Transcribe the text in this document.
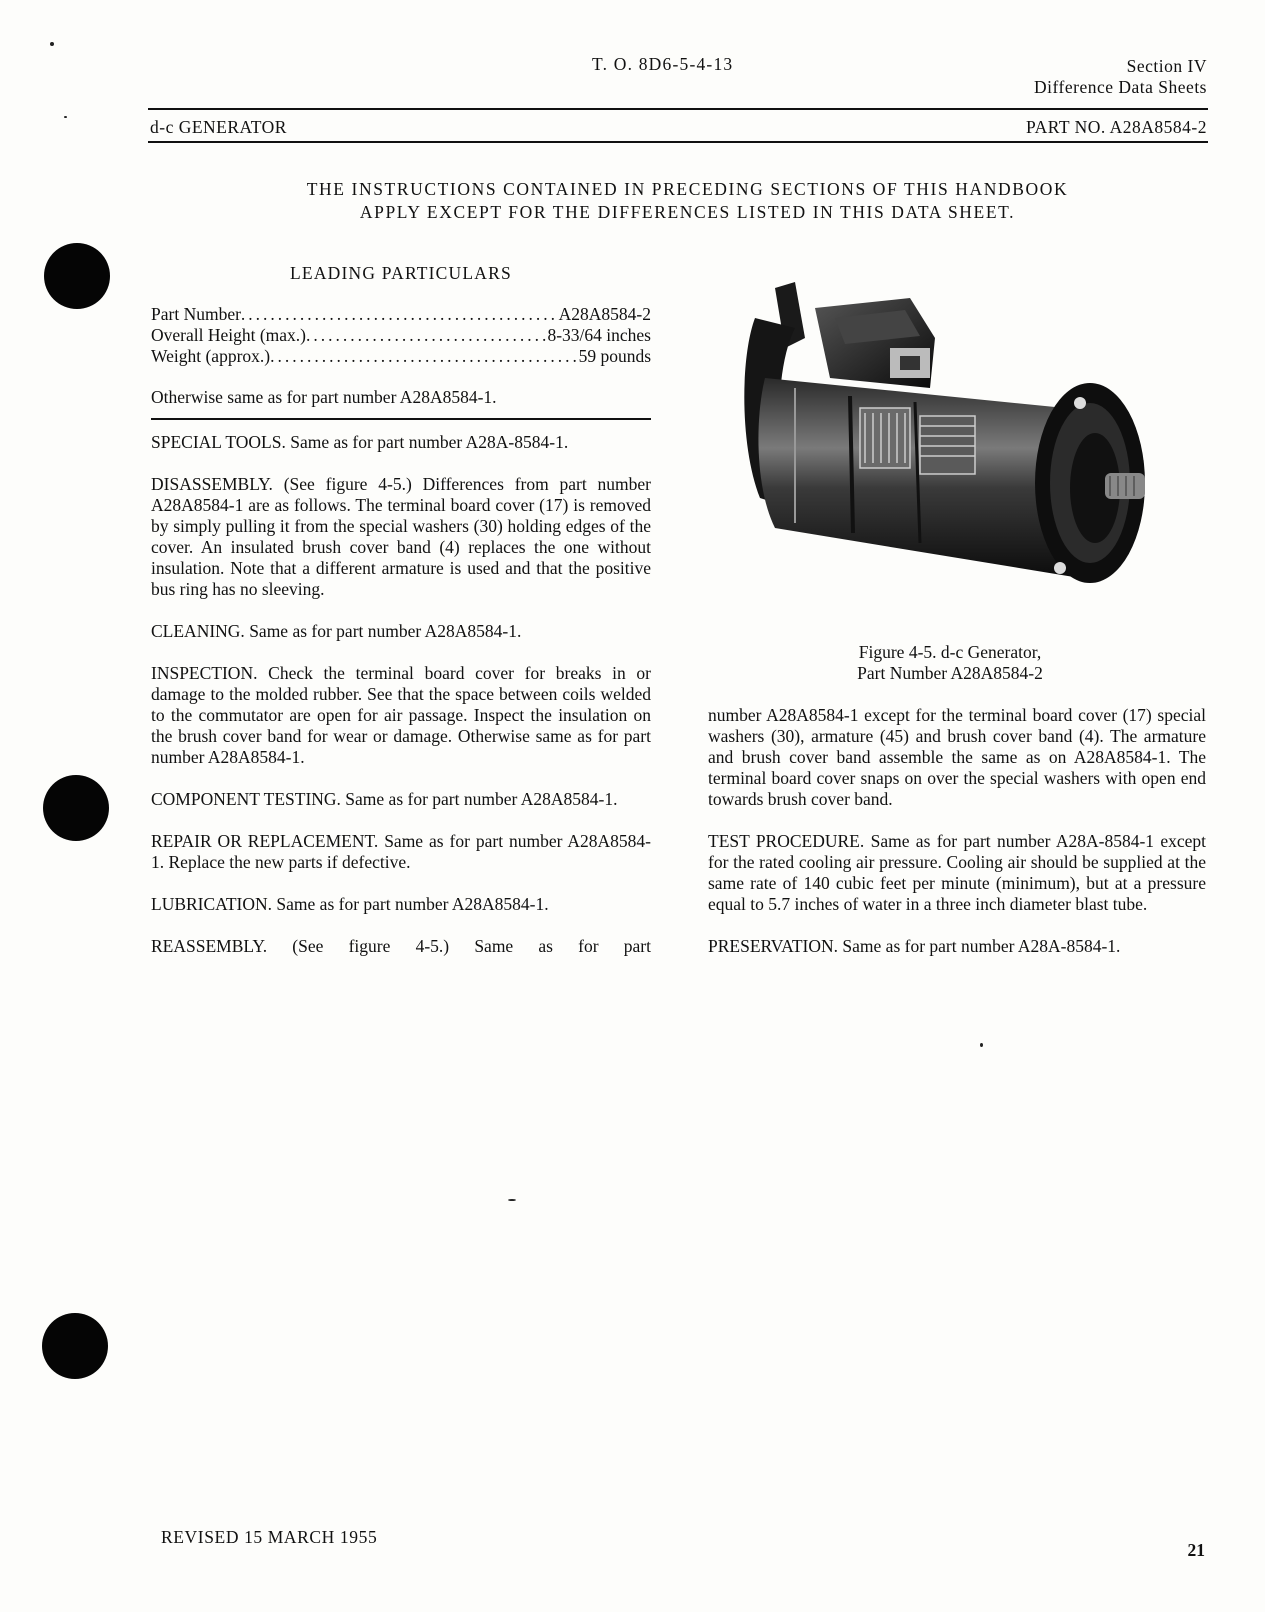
T. O. 8D6-5-4-13	Section IV
Difference Data Sheets
d-c GENERATOR	PART NO. A28A8584-2
THE INSTRUCTIONS CONTAINED IN PRECEDING SECTIONS OF THIS HANDBOOK APPLY EXCEPT FOR THE DIFFERENCES LISTED IN THIS DATA SHEET.
LEADING PARTICULARS
Part Number .....	A28A8584-2
Overall Height (max.) .....	8-33/64 inches
Weight (approx.) .....	59 pounds

Otherwise same as for part number A28A8584-1.

SPECIAL TOOLS. Same as for part number A28A-8584-1.

DISASSEMBLY. (See figure 4-5.) Differences from part number A28A8584-1 are as follows. The terminal board cover (17) is removed by simply pulling it from the special washers (30) holding edges of the cover. An insulated brush cover band (4) replaces the one without insulation. Note that a different armature is used and that the positive bus ring has no sleeving.

CLEANING. Same as for part number A28A8584-1.

INSPECTION. Check the terminal board cover for breaks in or damage to the molded rubber. See that the space between coils welded to the commutator are open for air passage. Inspect the insulation on the brush cover band for wear or damage. Otherwise same as for part number A28A8584-1.

COMPONENT TESTING. Same as for part number A28A8584-1.

REPAIR OR REPLACEMENT. Same as for part number A28A8584-1. Replace the new parts if defective.

LUBRICATION. Same as for part number A28A8584-1.

REASSEMBLY. (See figure 4-5.) Same as for part

Figure 4-5. d-c Generator,
Part Number A28A8584-2

number A28A8584-1 except for the terminal board cover (17) special washers (30), armature (45) and brush cover band (4). The armature and brush cover band assemble the same as on A28A8584-1. The terminal board cover snaps on over the special washers with open end towards brush cover band.

TEST PROCEDURE. Same as for part number A28A-8584-1 except for the rated cooling air pressure. Cooling air should be supplied at the same rate of 140 cubic feet per minute (minimum), but at a pressure equal to 5.7 inches of water in a three inch diameter blast tube.

PRESERVATION. Same as for part number A28A-8584-1.

REVISED 15 MARCH 1955
21
